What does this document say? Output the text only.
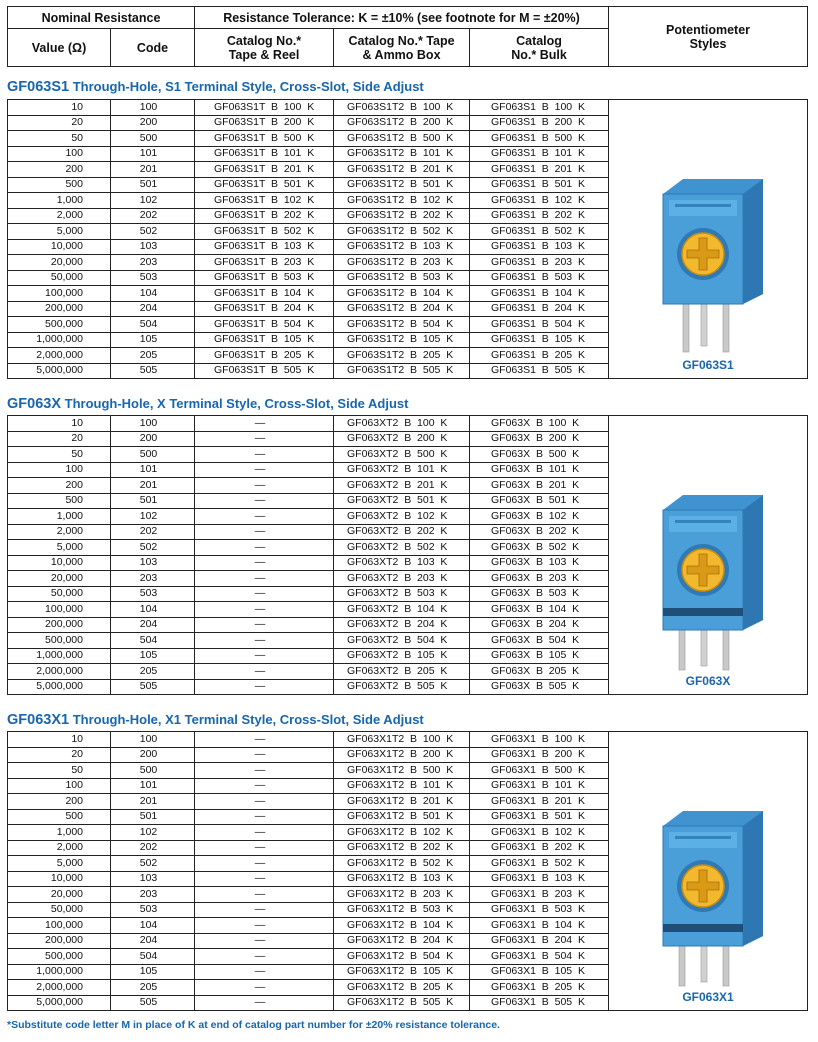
Nominal Resistance		Resistance Tolerance: K = ±10% (see footnote for M = ±20%)			Potentiometer Styles
Value (Ω)	Code	Catalog No.* Tape & Reel	Catalog No.* Tape & Ammo Box	Catalog No.* Bulk	
GF063S1 Through-Hole, S1 Terminal Style, Cross-Slot, Side Adjust
10	100	GF063S1T  B  100  K	GF063S1T2  B  100  K	GF063S1  B  100  K	GF063S1

20	200	GF063S1T  B  200  K	GF063S1T2  B  200  K	GF063S1  B  200  K	
50	500	GF063S1T  B  500  K	GF063S1T2  B  500  K	GF063S1  B  500  K	
100	101	GF063S1T  B  101  K	GF063S1T2  B  101  K	GF063S1  B  101  K	
200	201	GF063S1T  B  201  K	GF063S1T2  B  201  K	GF063S1  B  201  K	
500	501	GF063S1T  B  501  K	GF063S1T2  B  501  K	GF063S1  B  501  K	
1,000	102	GF063S1T  B  102  K	GF063S1T2  B  102  K	GF063S1  B  102  K	
2,000	202	GF063S1T  B  202  K	GF063S1T2  B  202  K	GF063S1  B  202  K	
5,000	502	GF063S1T  B  502  K	GF063S1T2  B  502  K	GF063S1  B  502  K	
10,000	103	GF063S1T  B  103  K	GF063S1T2  B  103  K	GF063S1  B  103  K	
20,000	203	GF063S1T  B  203  K	GF063S1T2  B  203  K	GF063S1  B  203  K	
50,000	503	GF063S1T  B  503  K	GF063S1T2  B  503  K	GF063S1  B  503  K	
100,000	104	GF063S1T  B  104  K	GF063S1T2  B  104  K	GF063S1  B  104  K	
200,000	204	GF063S1T  B  204  K	GF063S1T2  B  204  K	GF063S1  B  204  K	
500,000	504	GF063S1T  B  504  K	GF063S1T2  B  504  K	GF063S1  B  504  K	
1,000,000	105	GF063S1T  B  105  K	GF063S1T2  B  105  K	GF063S1  B  105  K	
2,000,000	205	GF063S1T  B  205  K	GF063S1T2  B  205  K	GF063S1  B  205  K	
5,000,000	505	GF063S1T  B  505  K	GF063S1T2  B  505  K	GF063S1  B  505  K	
GF063X Through-Hole, X Terminal Style, Cross-Slot, Side Adjust
10	100	—	GF063XT2  B  100  K	GF063X  B  100  K	GF063X

20	200	—	GF063XT2  B  200  K	GF063X  B  200  K	
50	500	—	GF063XT2  B  500  K	GF063X  B  500  K	
100	101	—	GF063XT2  B  101  K	GF063X  B  101  K	
200	201	—	GF063XT2  B  201  K	GF063X  B  201  K	
500	501	—	GF063XT2  B  501  K	GF063X  B  501  K	
1,000	102	—	GF063XT2  B  102  K	GF063X  B  102  K	
2,000	202	—	GF063XT2  B  202  K	GF063X  B  202  K	
5,000	502	—	GF063XT2  B  502  K	GF063X  B  502  K	
10,000	103	—	GF063XT2  B  103  K	GF063X  B  103  K	
20,000	203	—	GF063XT2  B  203  K	GF063X  B  203  K	
50,000	503	—	GF063XT2  B  503  K	GF063X  B  503  K	
100,000	104	—	GF063XT2  B  104  K	GF063X  B  104  K	
200,000	204	—	GF063XT2  B  204  K	GF063X  B  204  K	
500,000	504	—	GF063XT2  B  504  K	GF063X  B  504  K	
1,000,000	105	—	GF063XT2  B  105  K	GF063X  B  105  K	
2,000,000	205	—	GF063XT2  B  205  K	GF063X  B  205  K	
5,000,000	505	—	GF063XT2  B  505  K	GF063X  B  505  K	
GF063X1 Through-Hole, X1 Terminal Style, Cross-Slot, Side Adjust
10	100	—	GF063X1T2  B  100  K	GF063X1  B  100  K	GF063X1

20	200	—	GF063X1T2  B  200  K	GF063X1  B  200  K	
50	500	—	GF063X1T2  B  500  K	GF063X1  B  500  K	
100	101	—	GF063X1T2  B  101  K	GF063X1  B  101  K	
200	201	—	GF063X1T2  B  201  K	GF063X1  B  201  K	
500	501	—	GF063X1T2  B  501  K	GF063X1  B  501  K	
1,000	102	—	GF063X1T2  B  102  K	GF063X1  B  102  K	
2,000	202	—	GF063X1T2  B  202  K	GF063X1  B  202  K	
5,000	502	—	GF063X1T2  B  502  K	GF063X1  B  502  K	
10,000	103	—	GF063X1T2  B  103  K	GF063X1  B  103  K	
20,000	203	—	GF063X1T2  B  203  K	GF063X1  B  203  K	
50,000	503	—	GF063X1T2  B  503  K	GF063X1  B  503  K	
100,000	104	—	GF063X1T2  B  104  K	GF063X1  B  104  K	
200,000	204	—	GF063X1T2  B  204  K	GF063X1  B  204  K	
500,000	504	—	GF063X1T2  B  504  K	GF063X1  B  504  K	
1,000,000	105	—	GF063X1T2  B  105  K	GF063X1  B  105  K	
2,000,000	205	—	GF063X1T2  B  205  K	GF063X1  B  205  K	
5,000,000	505	—	GF063X1T2  B  505  K	GF063X1  B  505  K	
*Substitute code letter M in place of K at end of catalog part number for ±20% resistance tolerance.
